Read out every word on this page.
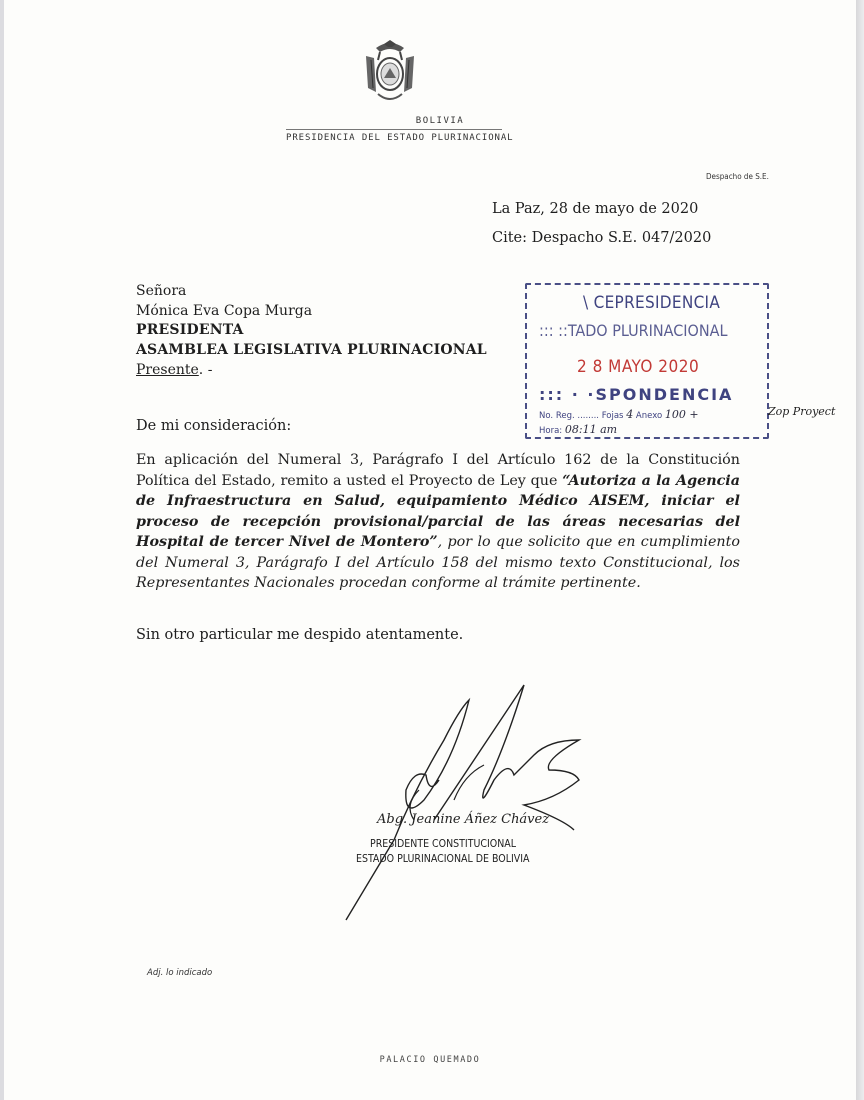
BOLIVIA
PRESIDENCIA DEL ESTADO PLURINACIONAL
Despacho de S.E.
La Paz, 28 de mayo de 2020
Cite: Despacho S.E. 047/2020
Señora
Mónica Eva Copa Murga
PRESIDENTA
ASAMBLEA LEGISLATIVA PLURINACIONAL
Presente. -
De mi consideración:
En aplicación del Numeral 3, Parágrafo I del Artículo 162 de la Constitución Política del Estado, remito a usted el Proyecto de Ley que “Autoriza a la Agencia de Infraestructura en Salud, equipamiento Médico AISEM, iniciar el proceso de recepción provisional/parcial de las áreas necesarias del Hospital de tercer Nivel de Montero”, por lo que solicito que en cumplimiento del Numeral 3, Parágrafo I del Artículo 158 del mismo texto Constitucional, los Representantes Nacionales procedan conforme al trámite pertinente.
Sin otro particular me despido atentamente.
\ CEPRESIDENCIA
::: ::TADO PLURINACIONAL
2 8 MAYO 2020
::: · ·SPONDENCIA
No. Reg. ........ Fojas 4 Anexo 100 +
Hora: 08:11 am
Zop Proyect
Abg. Jeanine Áñez Chávez
PRESIDENTE CONSTITUCIONAL
ESTADO PLURINACIONAL DE BOLIVIA
Adj. lo indicado
PALACIO QUEMADO
